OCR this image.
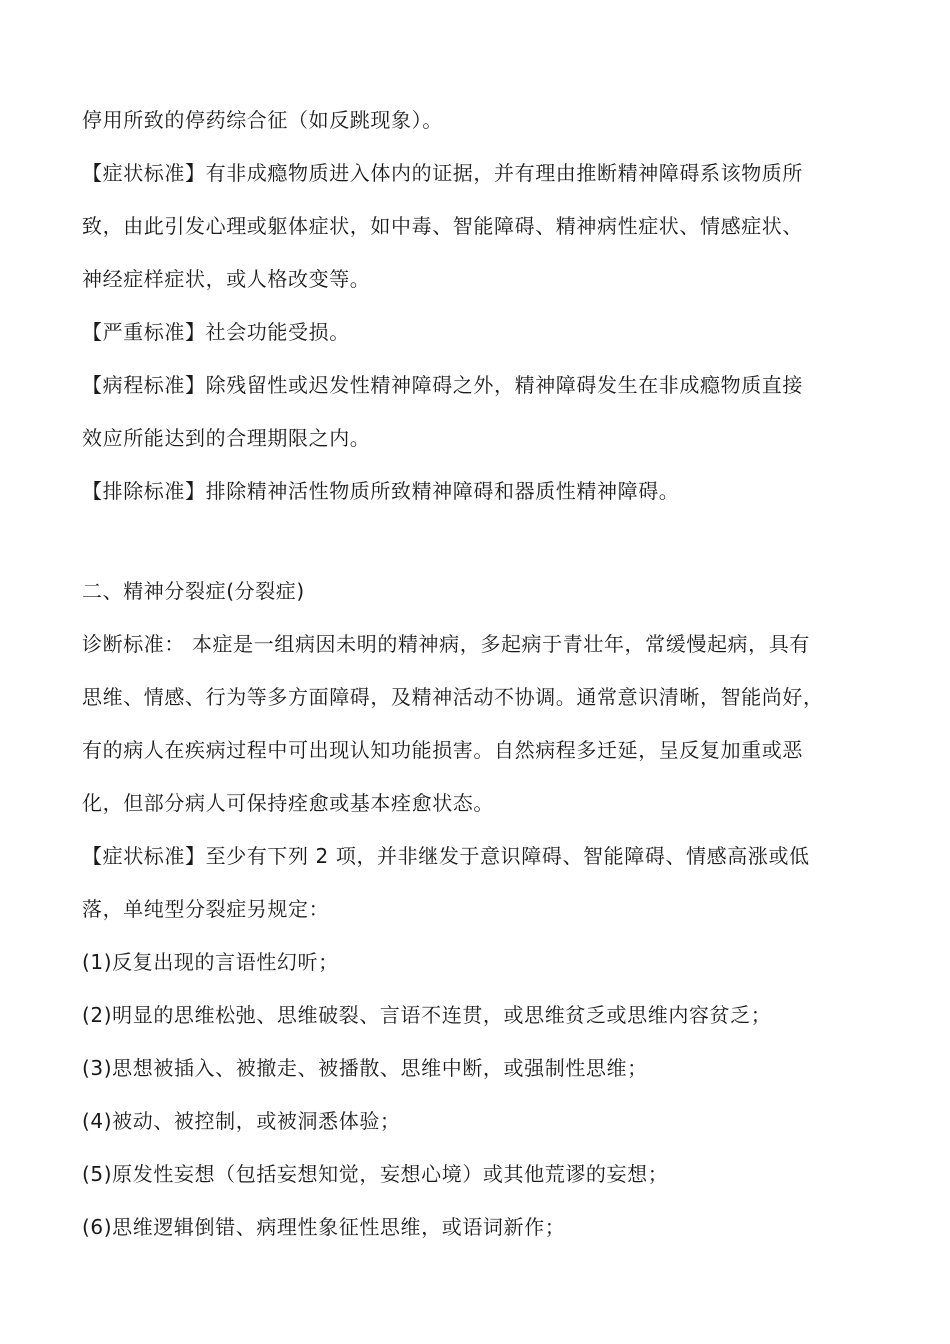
停用所致的停药综合征（如反跳现象）。

【症状标准】有非成瘾物质进入体内的证据，并有理由推断精神障碍系该物质所

致，由此引发心理或躯体症状，如中毒、智能障碍、精神病性症状、情感症状、

神经症样症状，或人格改变等。

【严重标准】社会功能受损。

【病程标准】除残留性或迟发性精神障碍之外，精神障碍发生在非成瘾物质直接

效应所能达到的合理期限之内。

【排除标准】排除精神活性物质所致精神障碍和器质性精神障碍。

二、精神分裂症(分裂症)

诊断标准： 本症是一组病因未明的精神病，多起病于青壮年，常缓慢起病，具有

思维、情感、行为等多方面障碍，及精神活动不协调。通常意识清晰，智能尚好，

有的病人在疾病过程中可出现认知功能损害。自然病程多迁延，呈反复加重或恶

化，但部分病人可保持痊愈或基本痊愈状态。

【症状标准】至少有下列 2 项，并非继发于意识障碍、智能障碍、情感高涨或低

落，单纯型分裂症另规定：

(1)反复出现的言语性幻听；

(2)明显的思维松弛、思维破裂、言语不连贯，或思维贫乏或思维内容贫乏；

(3)思想被插入、被撤走、被播散、思维中断，或强制性思维；

(4)被动、被控制，或被洞悉体验；

(5)原发性妄想（包括妄想知觉，妄想心境）或其他荒谬的妄想；

(6)思维逻辑倒错、病理性象征性思维，或语词新作；
